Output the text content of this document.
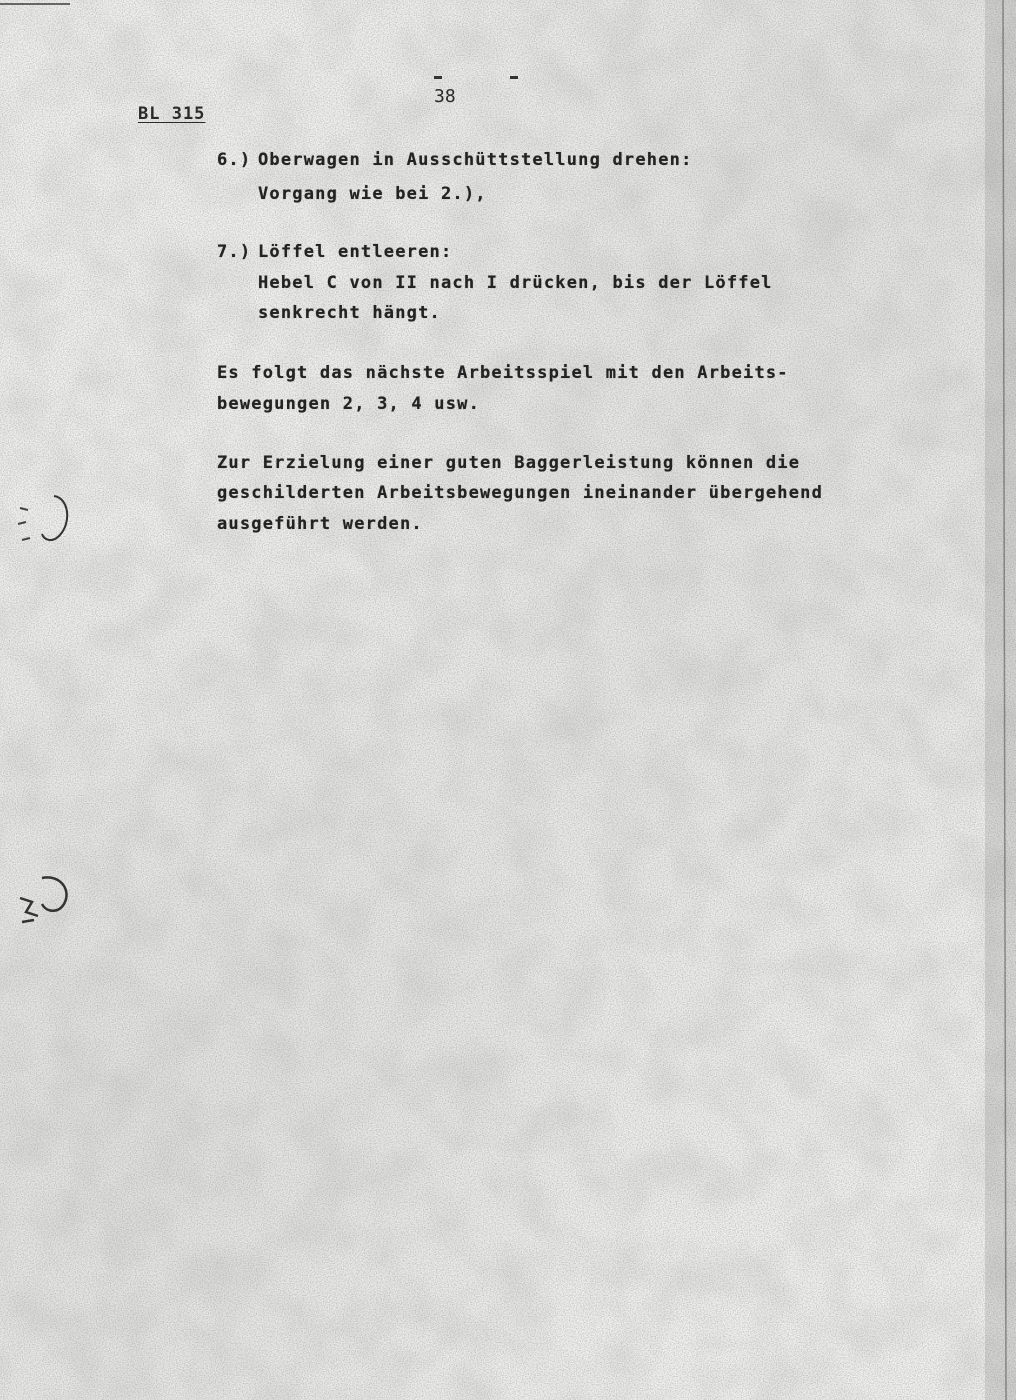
38
BL 315
6.) Oberwagen in Ausschüttstellung drehen:
Vorgang wie bei 2.),
7.) Löffel entleeren:
Hebel C von II nach I drücken, bis der Löffel
senkrecht hängt.
Es folgt das nächste Arbeitsspiel mit den Arbeits-
bewegungen 2, 3, 4 usw.
Zur Erzielung einer guten Baggerleistung können die
geschilderten Arbeitsbewegungen ineinander übergehend
ausgeführt werden.
